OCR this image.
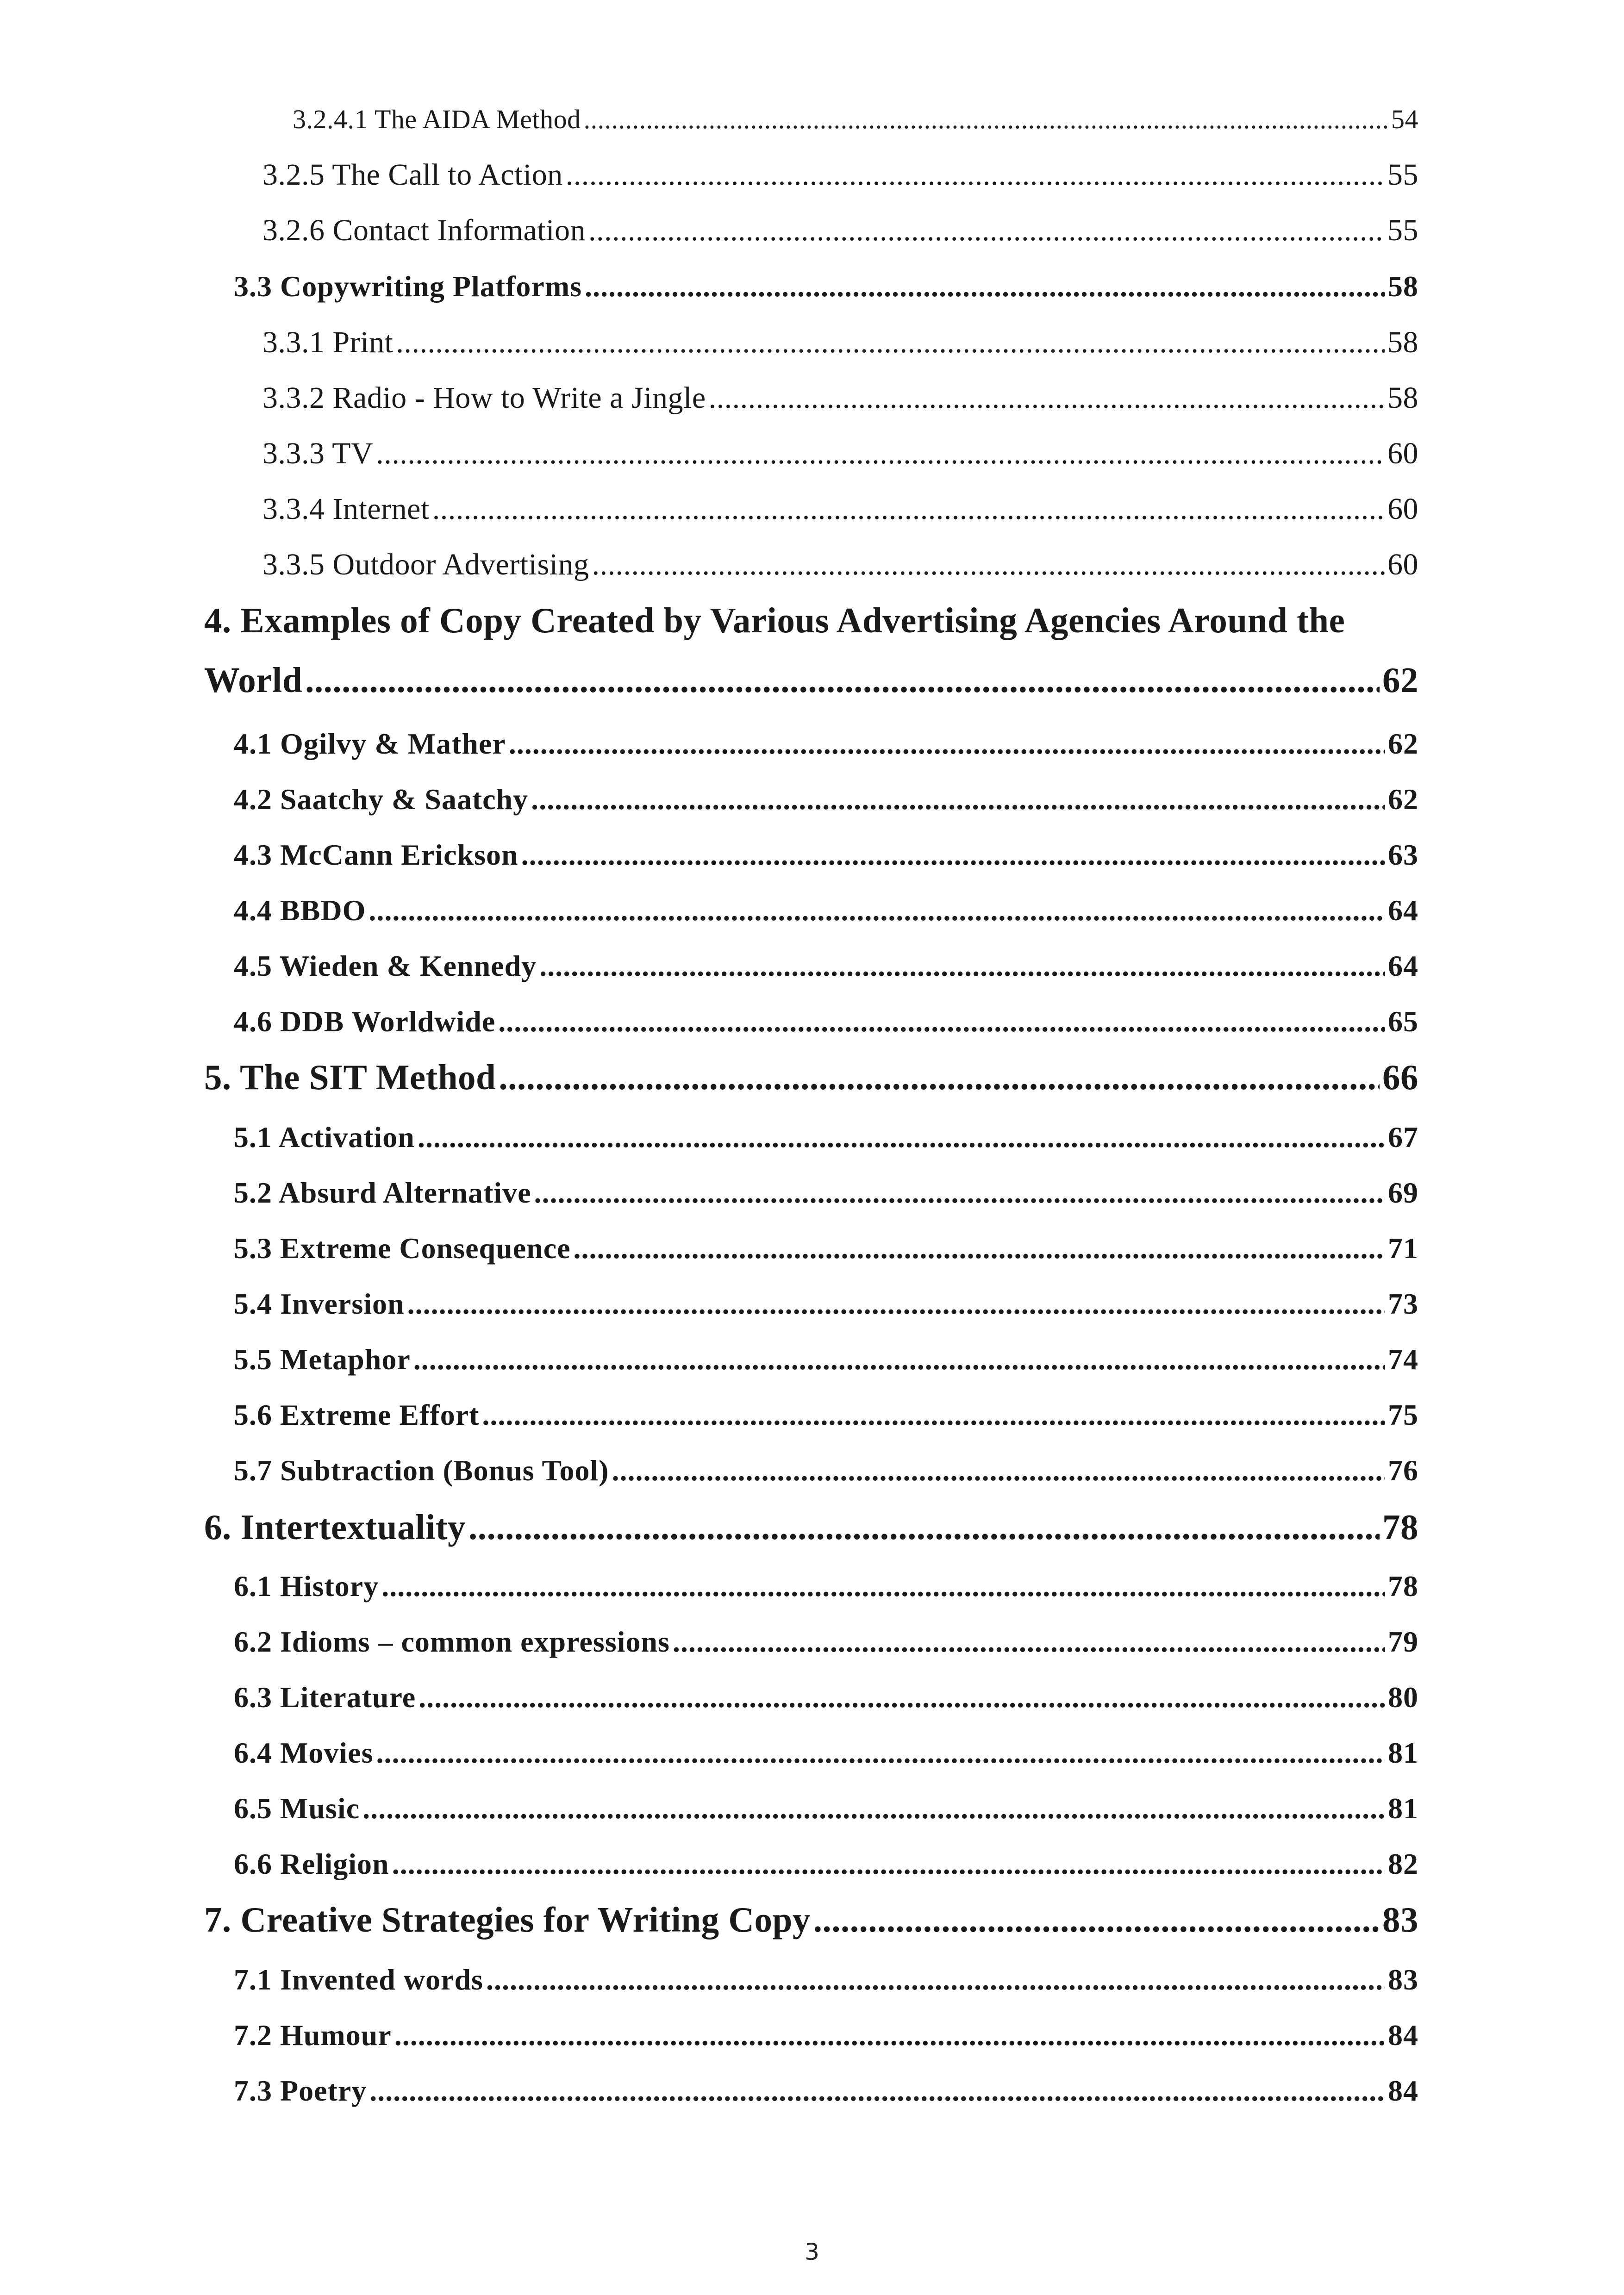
3.2.4.1 The AIDA Method .....	54
3.2.5 The Call to Action .....	55
3.2.6 Contact Information .....	55
3.3 Copywriting Platforms .....	58
3.3.1 Print .....	58
3.3.2 Radio - How to Write a Jingle .....	58
3.3.3 TV .....	60
3.3.4 Internet .....	60
3.3.5 Outdoor Advertising .....	60
4. Examples of Copy Created by Various Advertising Agencies Around the
World .....	62
4.1 Ogilvy & Mather .....	62
4.2 Saatchy & Saatchy .....	62
4.3 McCann Erickson .....	63
4.4 BBDO .....	64
4.5 Wieden & Kennedy .....	64
4.6 DDB Worldwide .....	65
5. The SIT Method .....	66
5.1 Activation .....	67
5.2 Absurd Alternative .....	69
5.3 Extreme Consequence .....	71
5.4 Inversion .....	73
5.5 Metaphor .....	74
5.6 Extreme Effort .....	75
5.7 Subtraction (Bonus Tool) .....	76
6. Intertextuality .....	78
6.1 History .....	78
6.2 Idioms – common expressions .....	79
6.3 Literature .....	80
6.4 Movies .....	81
6.5 Music .....	81
6.6 Religion .....	82
7. Creative Strategies for Writing Copy .....	83
7.1 Invented words .....	83
7.2 Humour .....	84
7.3 Poetry .....	84
3
